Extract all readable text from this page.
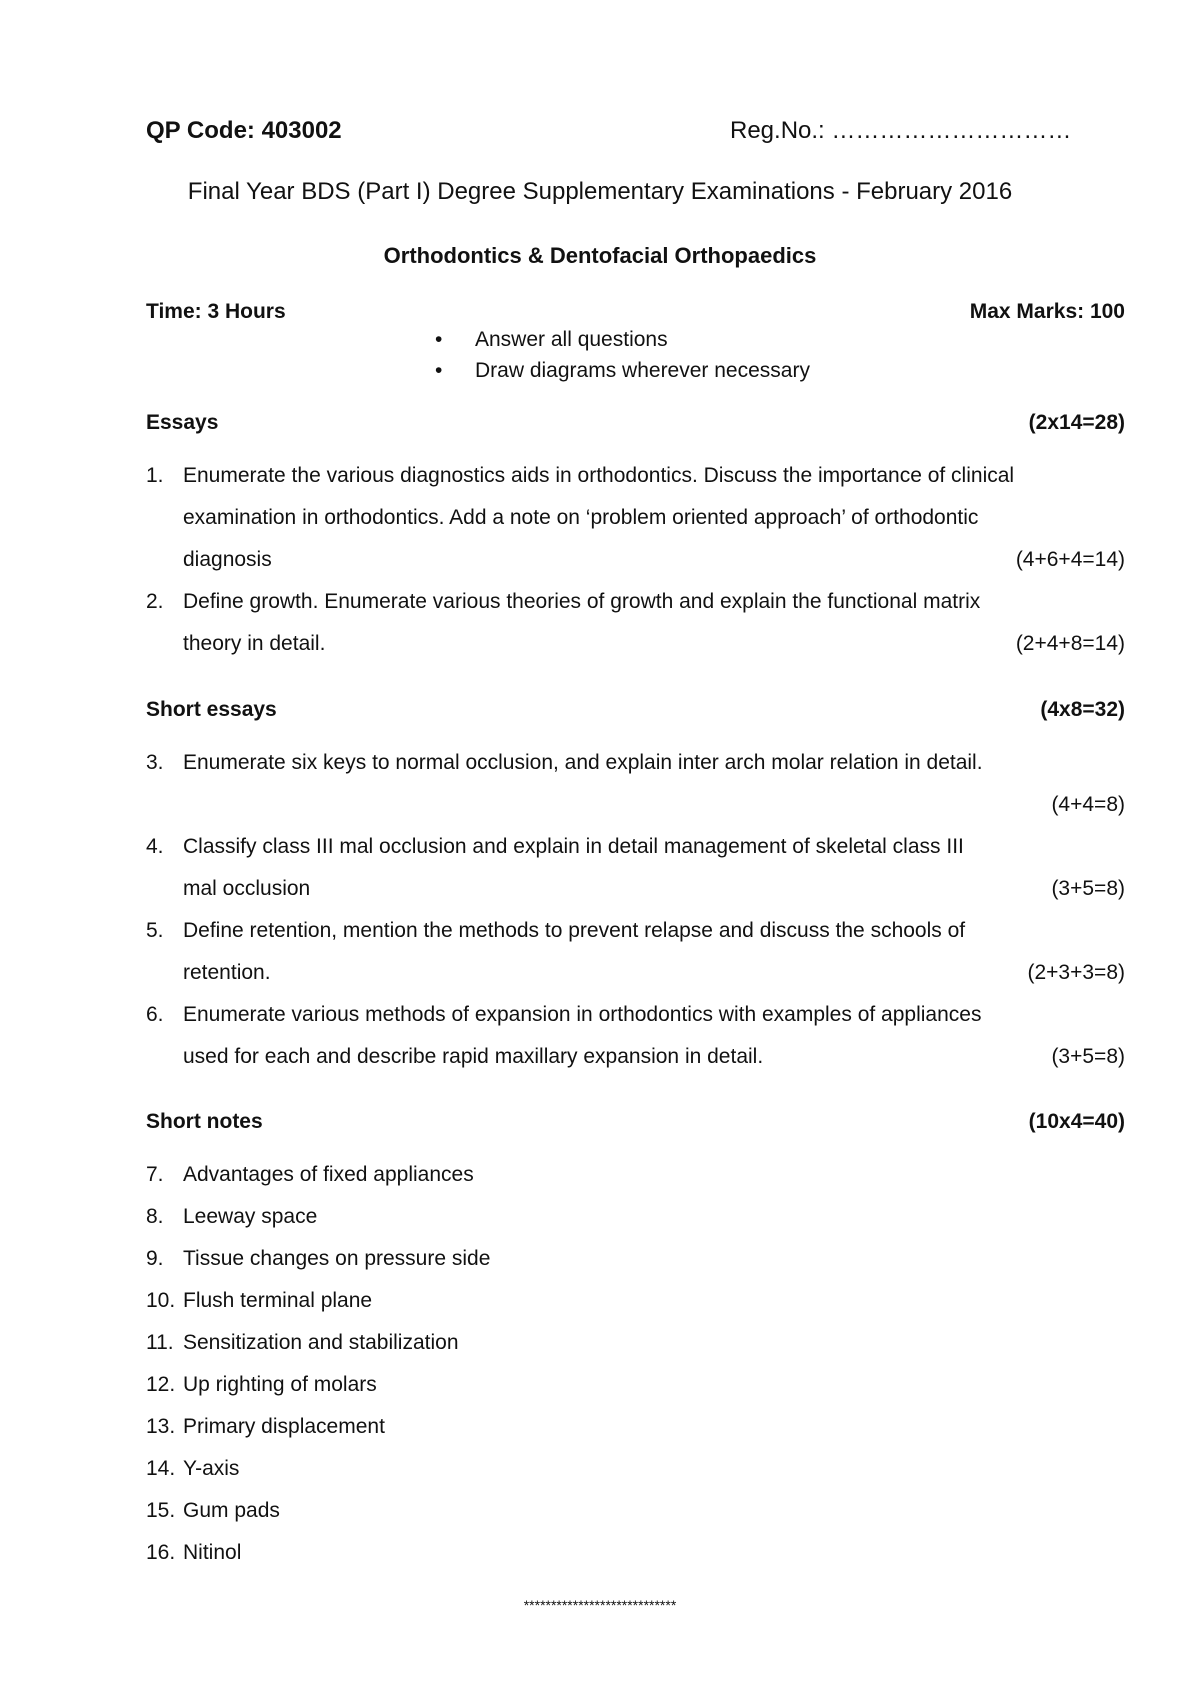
QP Code: 403002	Reg.No.: …………………………
Final Year BDS (Part I) Degree Supplementary Examinations - February 2016
Orthodontics & Dentofacial Orthopaedics
Time: 3 Hours	Max Marks: 100
• Answer all questions
• Draw diagrams wherever necessary
Essays	(2x14=28)
1. Enumerate the various diagnostics aids in orthodontics. Discuss the importance of clinical
examination in orthodontics. Add a note on ‘problem oriented approach’ of orthodontic
diagnosis	(4+6+4=14)
2. Define growth. Enumerate various theories of growth and explain the functional matrix
theory in detail.	(2+4+8=14)
Short essays	(4x8=32)
3. Enumerate six keys to normal occlusion, and explain inter arch molar relation in detail.
(4+4=8)
4. Classify class III mal occlusion and explain in detail management of skeletal class III
mal occlusion	(3+5=8)
5. Define retention, mention the methods to prevent relapse and discuss the schools of
retention.	(2+3+3=8)
6. Enumerate various methods of expansion in orthodontics with examples of appliances
used for each and describe rapid maxillary expansion in detail.	(3+5=8)
Short notes	(10x4=40)
7. Advantages of fixed appliances
8. Leeway space
9. Tissue changes on pressure side
10. Flush terminal plane
11. Sensitization and stabilization
12. Up righting of molars
13. Primary displacement
14. Y-axis
15. Gum pads
16. Nitinol
****************************
